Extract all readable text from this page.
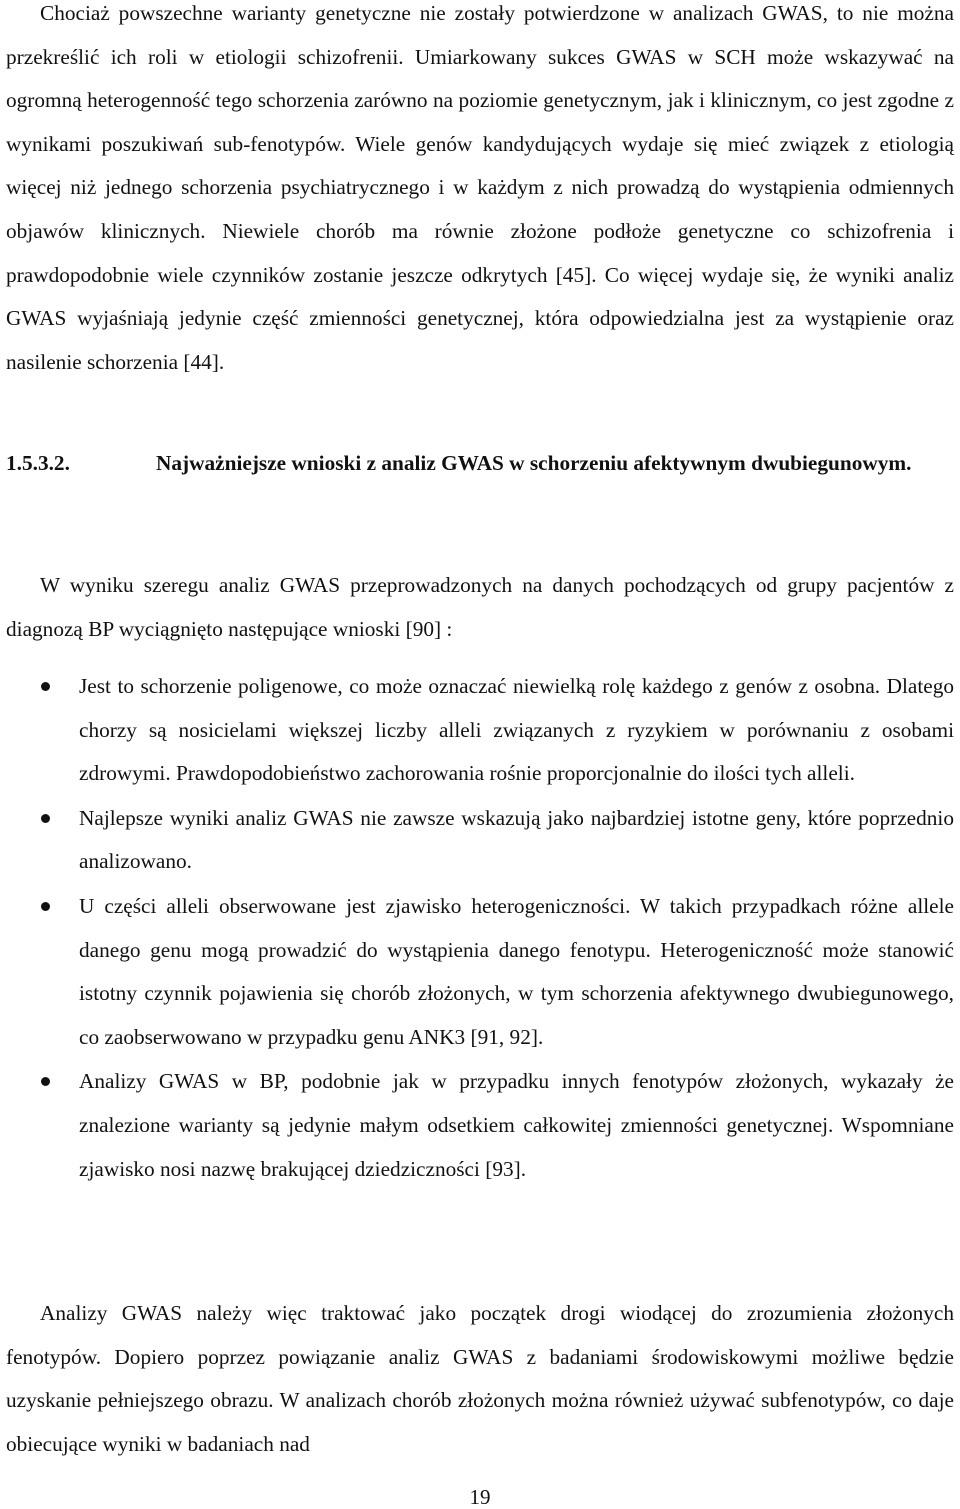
Chociaż powszechne warianty genetyczne nie zostały potwierdzone w analizach GWAS, to nie można przekreślić ich roli w etiologii schizofrenii. Umiarkowany sukces GWAS w SCH może wskazywać na ogromną heterogenność tego schorzenia zarówno na poziomie genetycznym, jak i klinicznym, co jest zgodne z wynikami poszukiwań sub-fenotypów. Wiele genów kandydujących wydaje się mieć związek z etiologią więcej niż jednego schorzenia psychiatrycznego i w każdym z nich prowadzą do wystąpienia odmiennych objawów klinicznych. Niewiele chorób ma równie złożone podłoże genetyczne co schizofrenia i prawdopodobnie wiele czynników zostanie jeszcze odkrytych [45]. Co więcej wydaje się, że wyniki analiz GWAS wyjaśniają jedynie część zmienności genetycznej, która odpowiedzialna jest za wystąpienie oraz nasilenie schorzenia [44].

1.5.3.2.	Najważniejsze wnioski z analiz GWAS w schorzeniu afektywnym dwubiegunowym.

W wyniku szeregu analiz GWAS przeprowadzonych na danych pochodzących od grupy pacjentów z diagnozą BP wyciągnięto następujące wnioski [90] :

Jest to schorzenie poligenowe, co może oznaczać niewielką rolę każdego z genów z osobna. Dlatego chorzy są nosicielami większej liczby alleli związanych z ryzykiem w porównaniu z osobami zdrowymi. Prawdopodobieństwo zachorowania rośnie proporcjonalnie do ilości tych alleli.
Najlepsze wyniki analiz GWAS nie zawsze wskazują jako najbardziej istotne geny, które poprzednio analizowano.
U części alleli obserwowane jest zjawisko heterogeniczności. W takich przypadkach różne allele danego genu mogą prowadzić do wystąpienia danego fenotypu. Heterogeniczność może stanowić istotny czynnik pojawienia się chorób złożonych, w tym schorzenia afektywnego dwubiegunowego, co zaobserwowano w przypadku genu ANK3 [91, 92].
Analizy GWAS w BP, podobnie jak w przypadku innych fenotypów złożonych, wykazały że znalezione warianty są jedynie małym odsetkiem całkowitej zmienności genetycznej. Wspomniane zjawisko nosi nazwę brakującej dziedziczności [93].

Analizy GWAS należy więc traktować jako początek drogi wiodącej do zrozumienia złożonych fenotypów. Dopiero poprzez powiązanie analiz GWAS z badaniami środowiskowymi możliwe będzie uzyskanie pełniejszego obrazu. W analizach chorób złożonych można również używać subfenotypów, co daje obiecujące wyniki w badaniach nad

19
